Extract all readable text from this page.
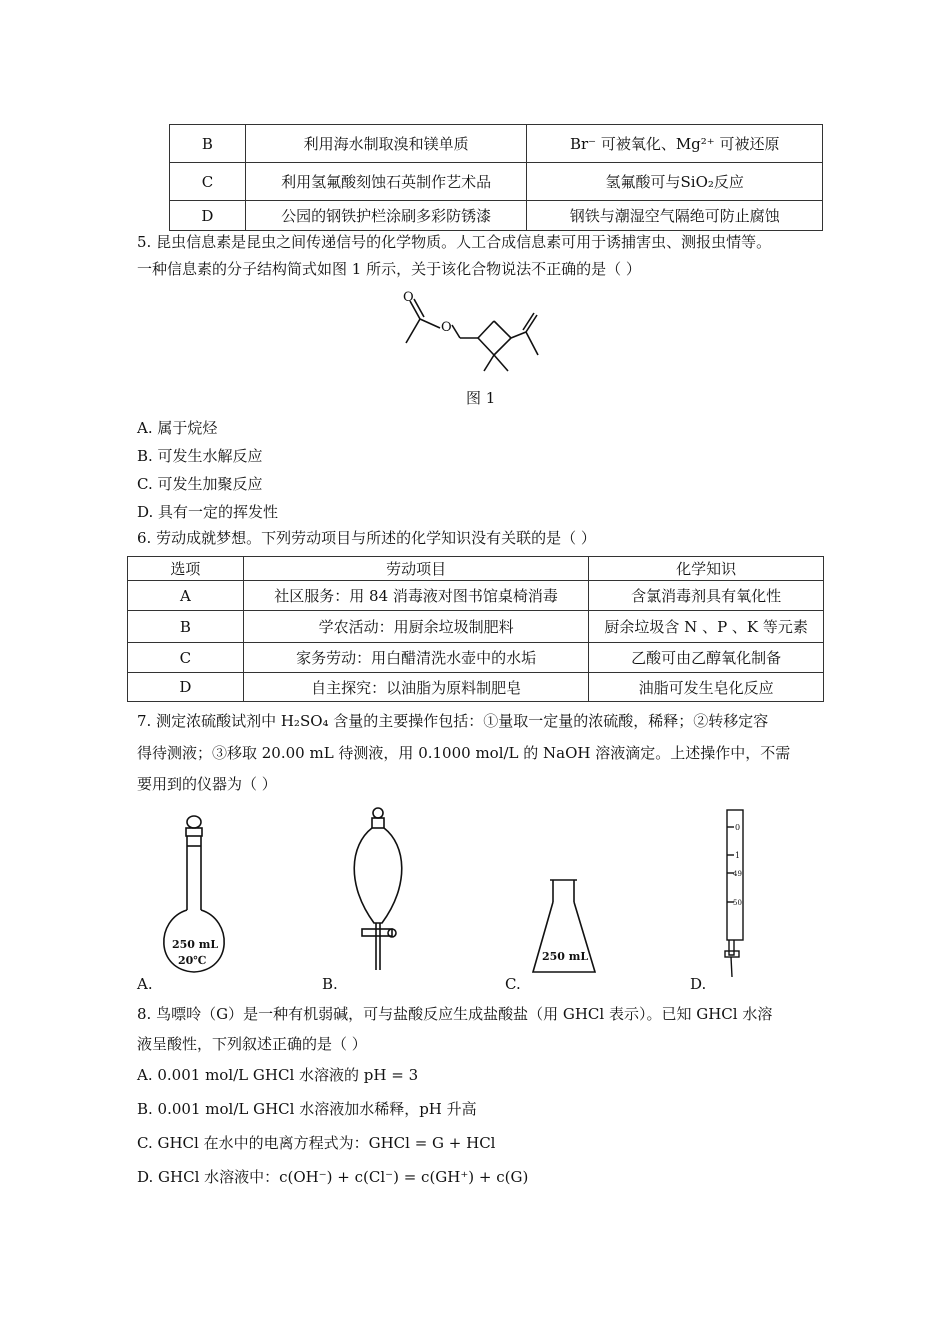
B	利用海水制取溴和镁单质	Br⁻ 可被氧化、Mg²⁺ 可被还原
C	利用氢氟酸刻蚀石英制作艺术品	氢氟酸可与SiO₂反应
D	公园的钢铁护栏涂刷多彩防锈漆	钢铁与潮湿空气隔绝可防止腐蚀
5. 昆虫信息素是昆虫之间传递信号的化学物质。人工合成信息素可用于诱捕害虫、测报虫情等。
一种信息素的分子结构简式如图 1 所示，关于该化合物说法不正确的是（ ）
O
O
图 1
A. 属于烷烃
B. 可发生水解反应
C. 可发生加聚反应
D. 具有一定的挥发性
6. 劳动成就梦想。下列劳动项目与所述的化学知识没有关联的是（ ）
选项	劳动项目	化学知识
A	社区服务：用 84 消毒液对图书馆桌椅消毒	含氯消毒剂具有氧化性
B	学农活动：用厨余垃圾制肥料	厨余垃圾含 N 、P 、K 等元素
C	家务劳动：用白醋清洗水壶中的水垢	乙酸可由乙醇氧化制备
D	自主探究：以油脂为原料制肥皂	油脂可发生皂化反应
7. 测定浓硫酸试剂中 H₂SO₄ 含量的主要操作包括：①量取一定量的浓硫酸，稀释；②转移定容
得待测液；③移取 20.00 mL 待测液，用 0.1000 mol/L 的 NaOH 溶液滴定。上述操作中，不需
要用到的仪器为（ ）
250 mL
20℃	250 mL
0
1
49
50
A.	B.	C.	D.
8. 鸟嘌呤（G）是一种有机弱碱，可与盐酸反应生成盐酸盐（用 GHCl 表示）。已知 GHCl 水溶
液呈酸性，下列叙述正确的是（ ）
A. 0.001 mol/L GHCl 水溶液的 pH = 3
B. 0.001 mol/L GHCl 水溶液加水稀释，pH 升高
C. GHCl 在水中的电离方程式为：GHCl = G + HCl
D. GHCl 水溶液中：c(OH⁻) + c(Cl⁻) = c(GH⁺) + c(G)
